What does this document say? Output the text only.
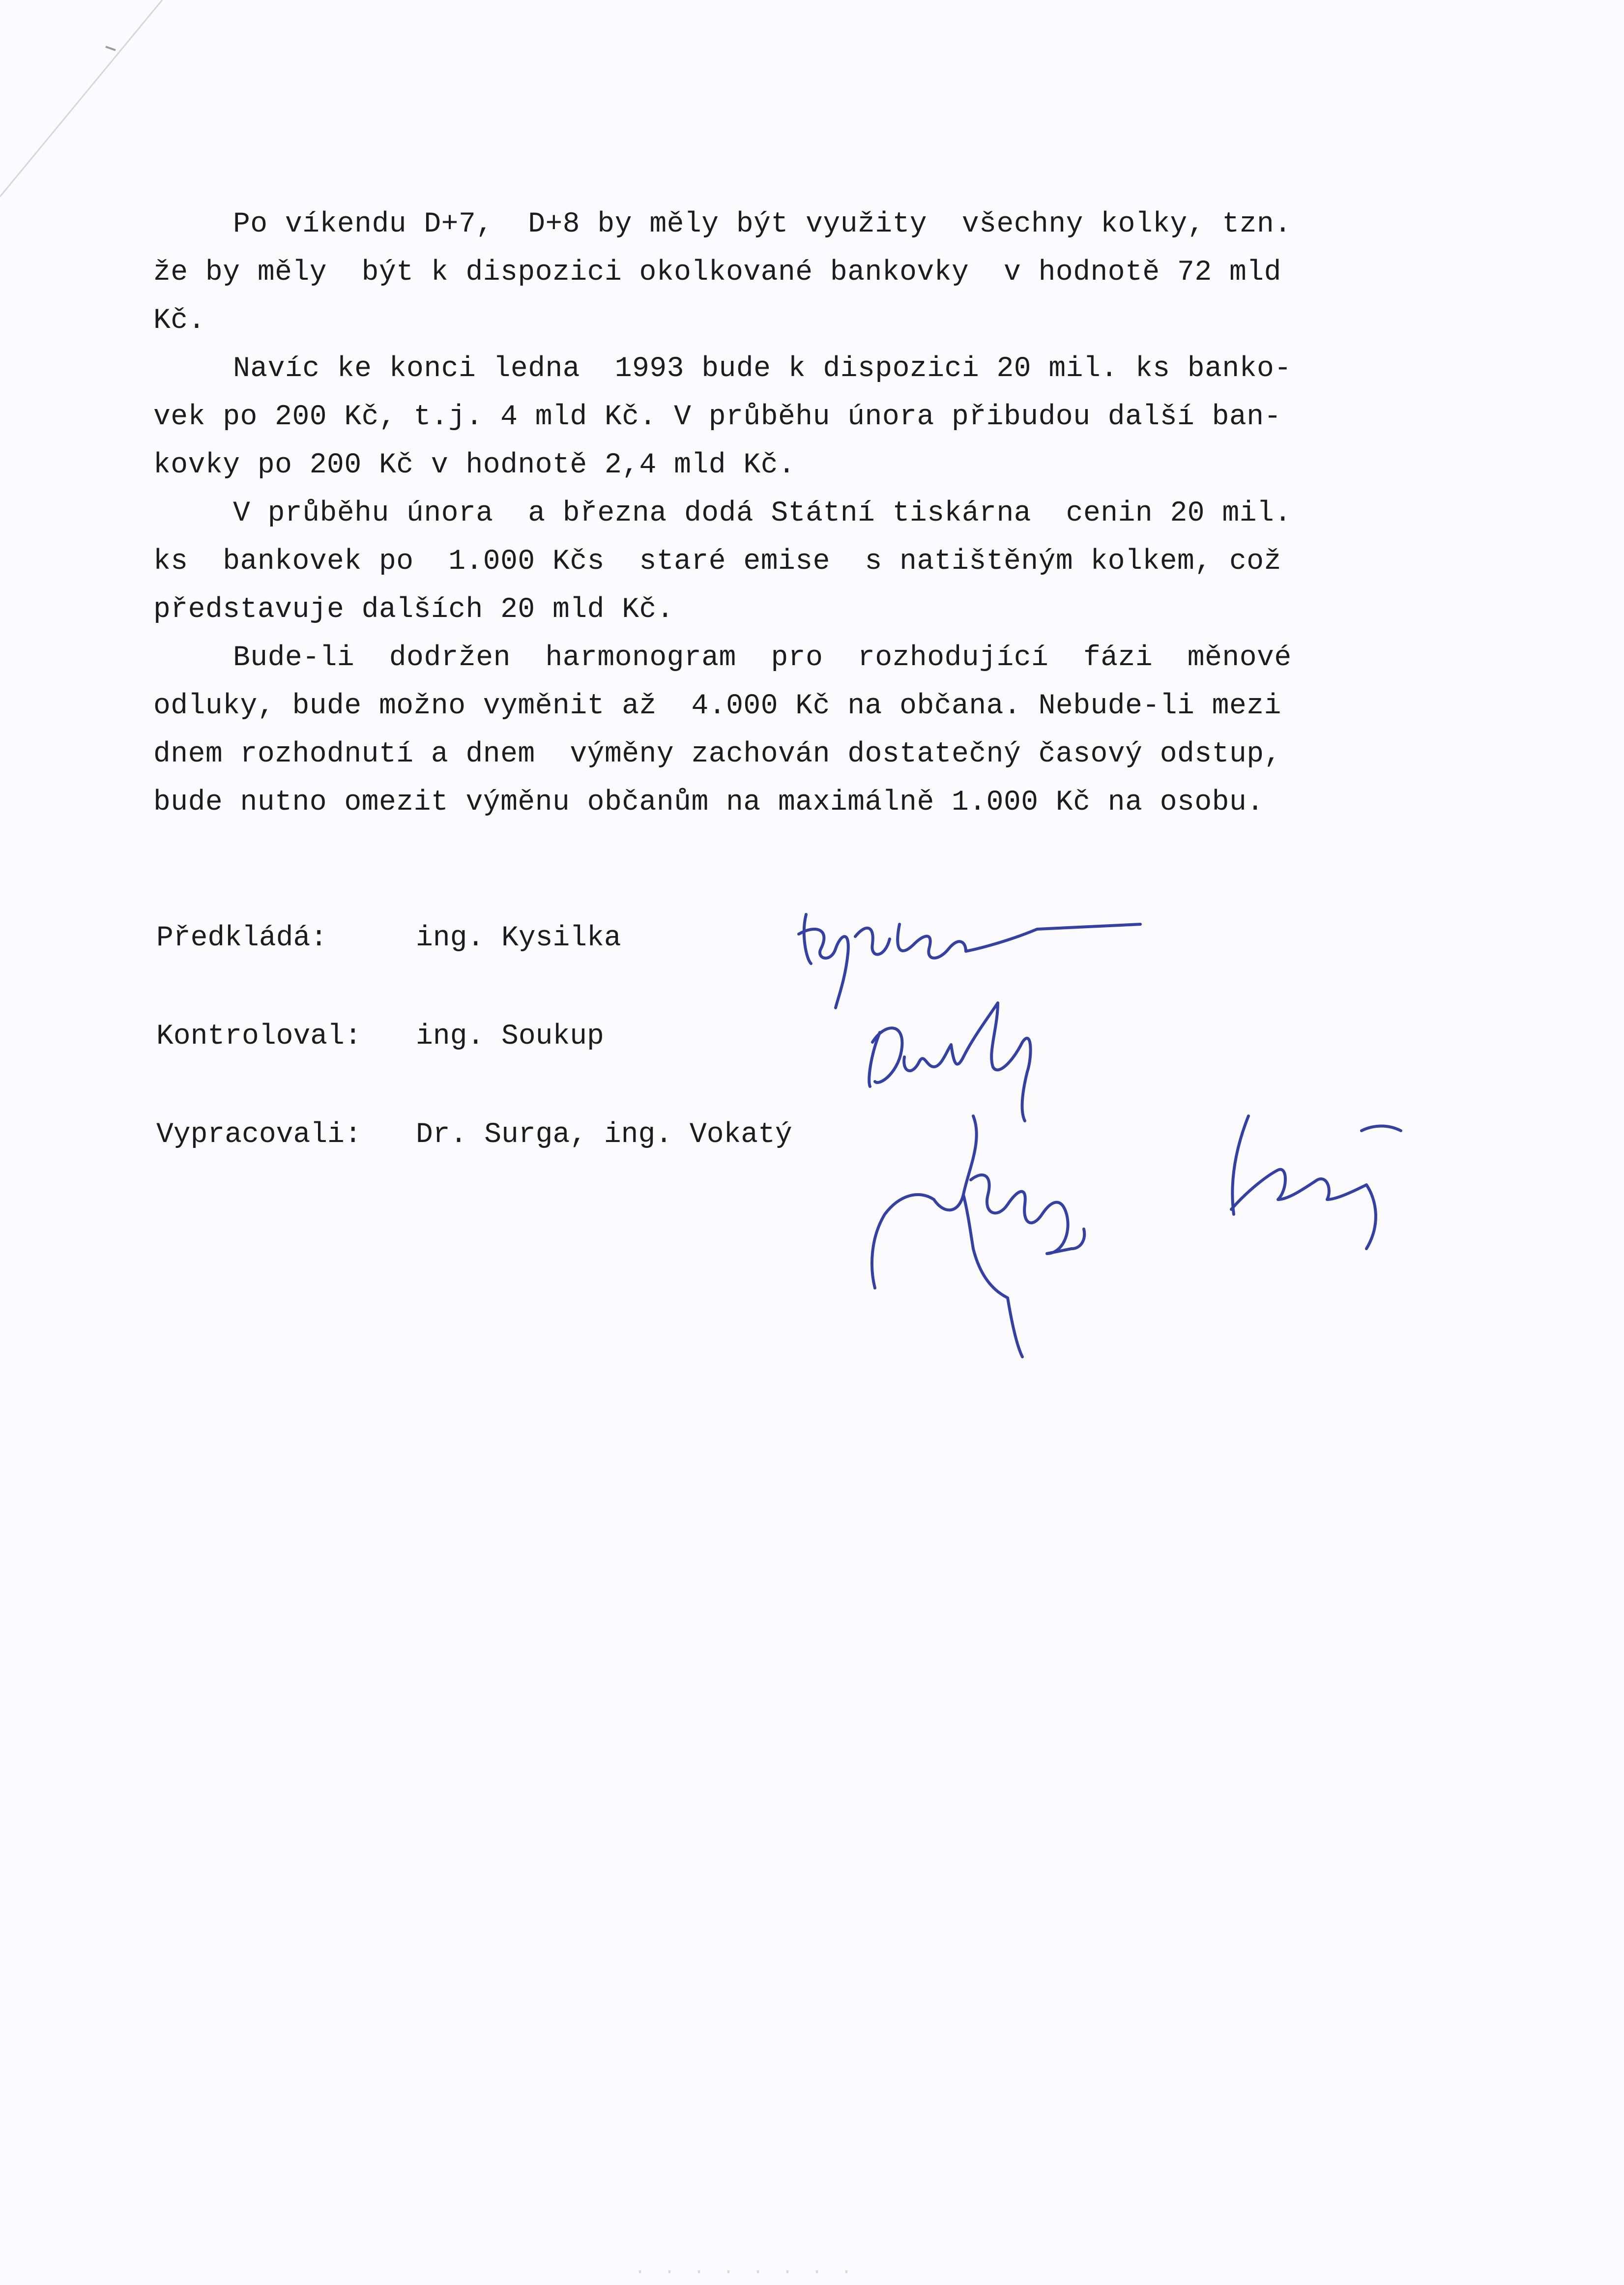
Po víkendu D+7,  D+8 by měly být využity  všechny kolky, tzn.
že by měly  být k dispozici okolkované bankovky  v hodnotě 72 mld
Kč.

Navíc ke konci ledna  1993 bude k dispozici 20 mil. ks banko-
vek po 200 Kč, t.j. 4 mld Kč. V průběhu února přibudou další ban-
kovky po 200 Kč v hodnotě 2,4 mld Kč.

V průběhu února  a března dodá Státní tiskárna  cenin 20 mil.
ks  bankovek po  1.000 Kčs  staré emise  s natištěným kolkem, což
představuje dalších 20 mld Kč.

Bude-li  dodržen  harmonogram  pro  rozhodující  fázi  měnové
odluky, bude možno vyměnit až  4.000 Kč na občana. Nebude-li mezi
dnem rozhodnutí a dnem  výměny zachován dostatečný časový odstup,
bude nutno omezit výměnu občanům na maximálně 1.000 Kč na osobu.

Předkládá:	ing. Kysilka
Kontroloval: ing. Soukup
Vypracovali: Dr. Surga, ing. Vokatý
· · · · · · · ·
